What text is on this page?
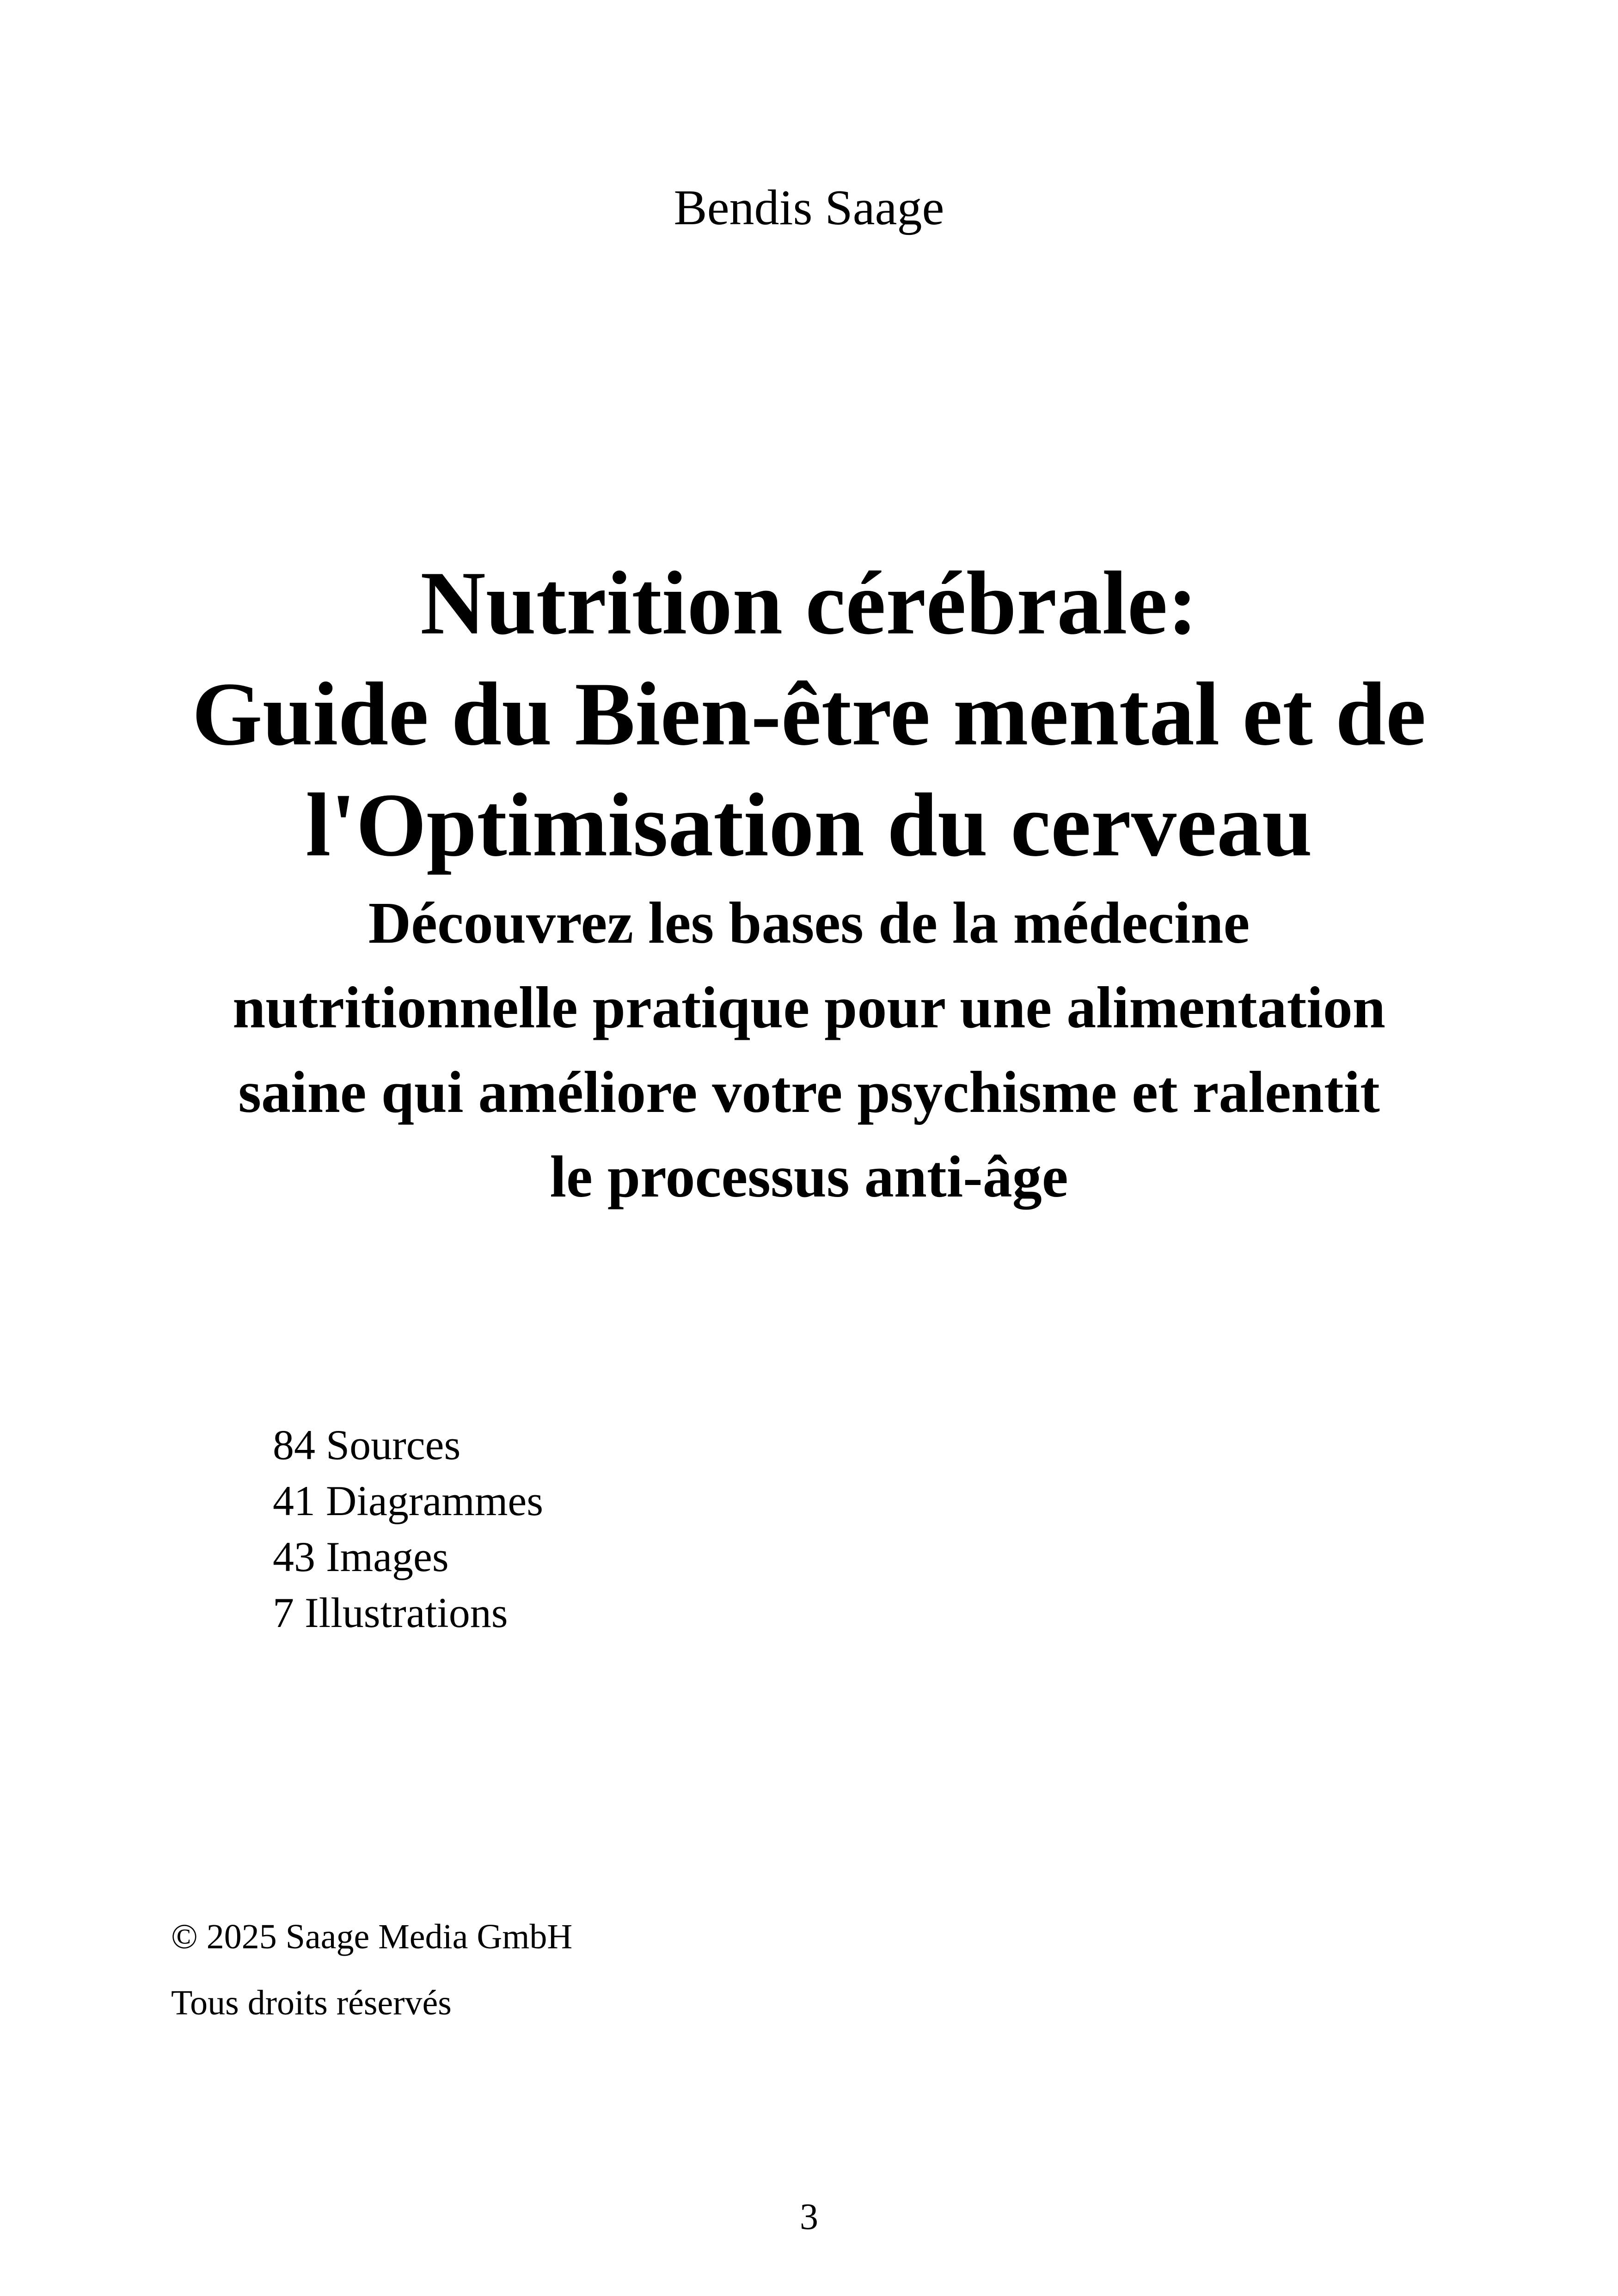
Bendis Saage
Nutrition cérébrale:
Guide du Bien-être mental et de
l'Optimisation du cerveau
Découvrez les bases de la médecine
nutritionnelle pratique pour une alimentation
saine qui améliore votre psychisme et ralentit
le processus anti-âge
84 Sources
41 Diagrammes
43 Images
7 Illustrations
© 2025 Saage Media GmbH
Tous droits réservés
3
